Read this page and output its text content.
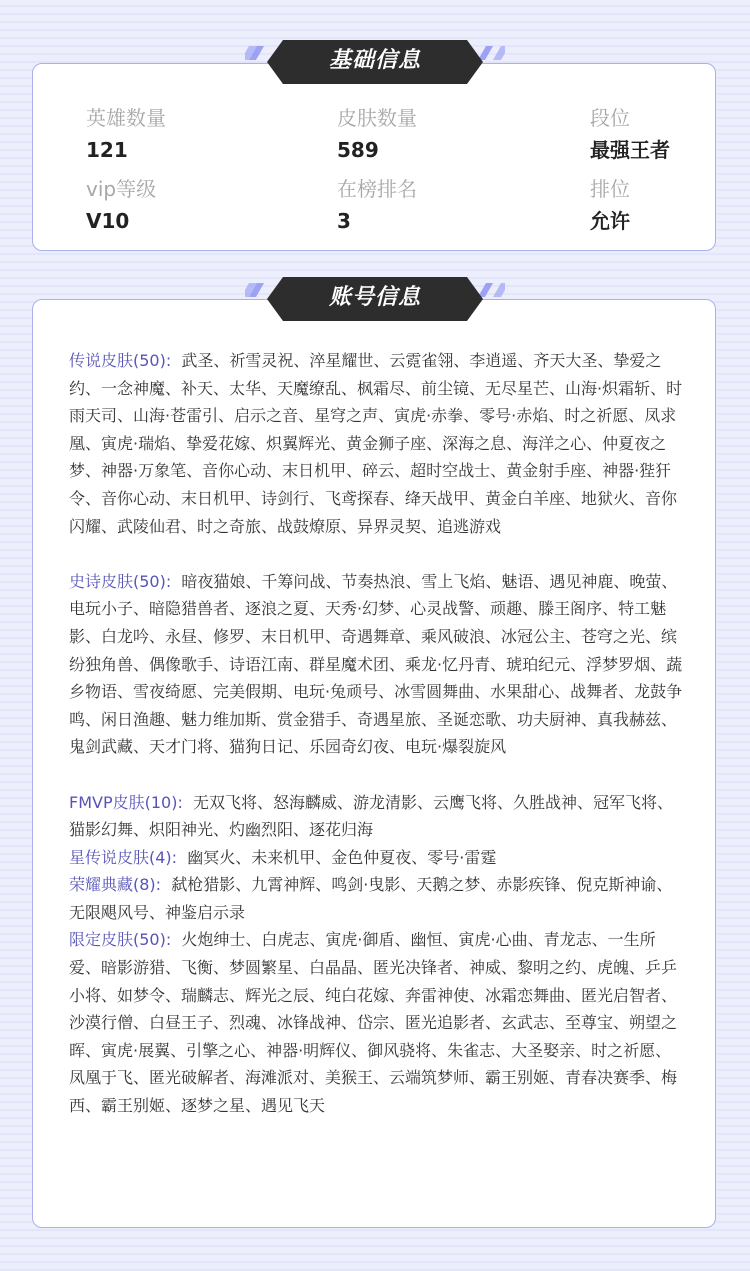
英雄数量
121
皮肤数量
589
段位
最强王者
vip等级
V10
在榜排名
3
排位
允许
基础信息

传说皮肤(50): 武圣、祈雪灵祝、淬星耀世、云霓雀翎、李逍遥、齐天大圣、挚爱之约、一念神魔、补天、太华、天魔缭乱、枫霜尽、前尘镜、无尽星芒、山海·炽霜斩、时雨天司、山海·苍雷引、启示之音、星穹之声、寅虎·赤拳、零号·赤焰、时之祈愿、凤求凰、寅虎·瑞焰、挚爱花嫁、炽翼辉光、黄金狮子座、深海之息、海洋之心、仲夏夜之梦、神器·万象笔、音你心动、末日机甲、碎云、超时空战士、黄金射手座、神器·狴犴令、音你心动、末日机甲、诗剑行、飞鸢探春、绛天战甲、黄金白羊座、地狱火、音你闪耀、武陵仙君、时之奇旅、战鼓燎原、异界灵契、追逃游戏

史诗皮肤(50): 暗夜猫娘、千筹问战、节奏热浪、雪上飞焰、魅语、遇见神鹿、晚萤、电玩小子、暗隐猎兽者、逐浪之夏、天秀·幻梦、心灵战警、顽趣、滕王阁序、特工魅影、白龙吟、永昼、修罗、末日机甲、奇遇舞章、乘风破浪、冰冠公主、苍穹之光、缤纷独角兽、偶像歌手、诗语江南、群星魔术团、乘龙·忆丹青、琥珀纪元、浮梦罗烟、蔬乡物语、雪夜绮愿、完美假期、电玩·兔顽号、冰雪圆舞曲、水果甜心、战舞者、龙鼓争鸣、闲日渔趣、魅力维加斯、赏金猎手、奇遇星旅、圣诞恋歌、功夫厨神、真我赫兹、鬼剑武藏、天才门将、猫狗日记、乐园奇幻夜、电玩·爆裂旋风

FMVP皮肤(10): 无双飞将、怒海麟威、游龙清影、云鹰飞将、久胜战神、冠军飞将、猫影幻舞、炽阳神光、灼幽烈阳、逐花归海

星传说皮肤(4): 幽冥火、未来机甲、金色仲夏夜、零号·雷霆

荣耀典藏(8): 弑枪猎影、九霄神辉、鸣剑·曳影、天鹅之梦、赤影疾锋、倪克斯神谕、无限飓风号、神鉴启示录

限定皮肤(50): 火炮绅士、白虎志、寅虎·御盾、幽恒、寅虎·心曲、青龙志、一生所爱、暗影游猎、飞衡、梦圆繁星、白晶晶、匿光决锋者、神威、黎明之约、虎魄、乒乒小将、如梦令、瑞麟志、辉光之辰、纯白花嫁、奔雷神使、冰霜恋舞曲、匿光启智者、沙漠行僧、白昼王子、烈魂、冰锋战神、岱宗、匿光追影者、玄武志、至尊宝、朔望之晖、寅虎·展翼、引擎之心、神器·明辉仪、御风骁将、朱雀志、大圣娶亲、时之祈愿、凤凰于飞、匿光破解者、海滩派对、美猴王、云端筑梦师、霸王别姬、青春决赛季、梅西、霸王别姬、逐梦之星、遇见飞天

账号信息
